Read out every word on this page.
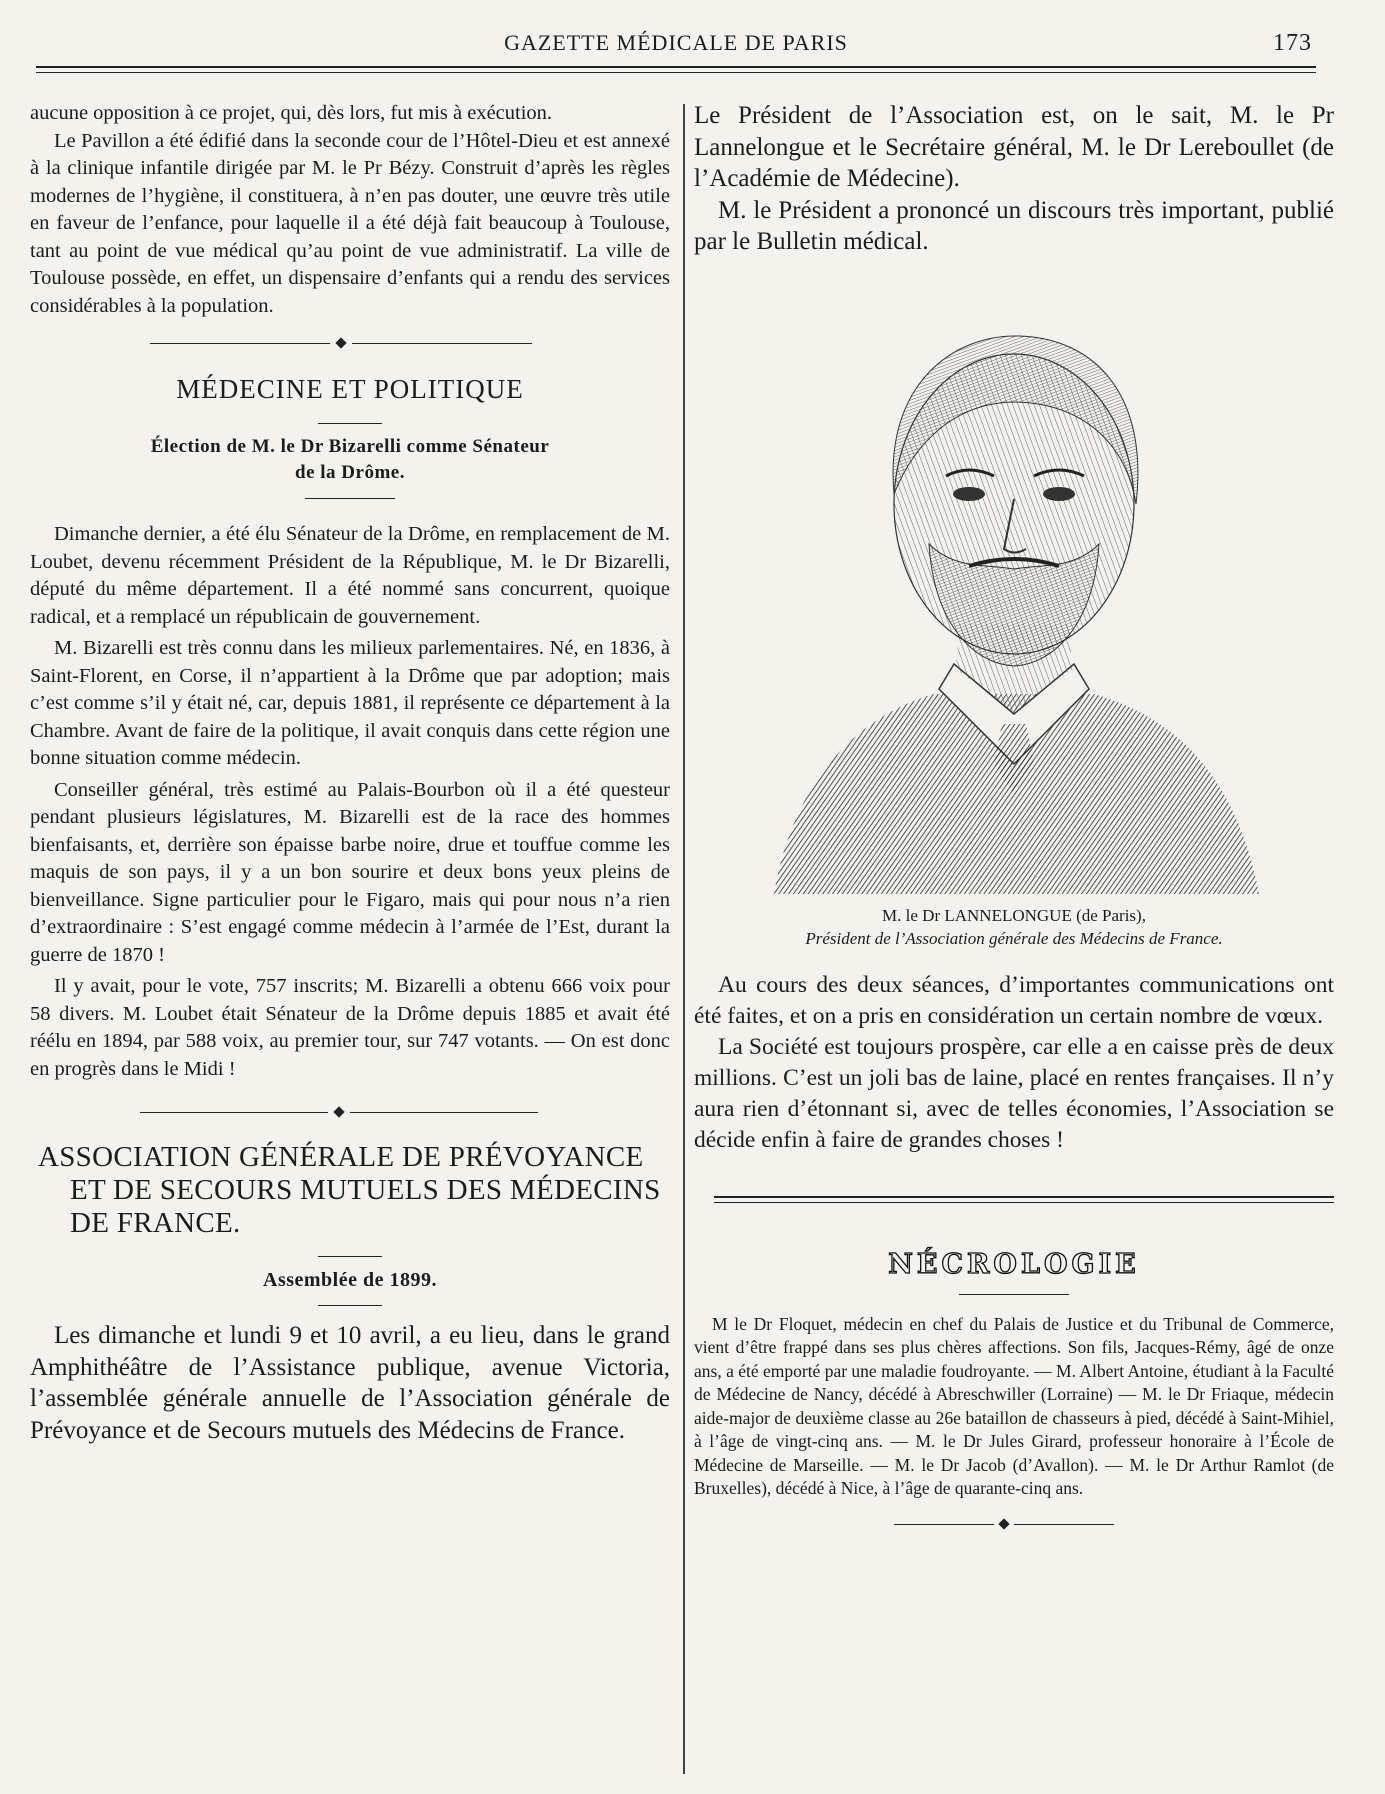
GAZETTE MÉDICALE DE PARIS	173

aucune opposition à ce projet, qui, dès lors, fut mis à exécution.

Le Pavillon a été édifié dans la seconde cour de l’Hôtel-Dieu et est annexé à la clinique infantile dirigée par M. le Pr Bézy. Construit d’après les règles modernes de l’hygiène, il constituera, à n’en pas douter, une œuvre très utile en faveur de l’enfance, pour laquelle il a été déjà fait beaucoup à Toulouse, tant au point de vue médical qu’au point de vue administratif. La ville de Toulouse possède, en effet, un dispensaire d’enfants qui a rendu des services considérables à la population.

MÉDECINE ET POLITIQUE
Élection de M. le Dr Bizarelli comme Sénateur
de la Drôme.

Dimanche dernier, a été élu Sénateur de la Drôme, en remplacement de M. Loubet, devenu récemment Président de la République, M. le Dr Bizarelli, député du même département. Il a été nommé sans concurrent, quoique radical, et a remplacé un républicain de gouvernement.

M. Bizarelli est très connu dans les milieux parlementaires. Né, en 1836, à Saint-Florent, en Corse, il n’appartient à la Drôme que par adoption; mais c’est comme s’il y était né, car, depuis 1881, il représente ce département à la Chambre. Avant de faire de la politique, il avait conquis dans cette région une bonne situation comme médecin.

Conseiller général, très estimé au Palais-Bourbon où il a été questeur pendant plusieurs législatures, M. Bizarelli est de la race des hommes bienfaisants, et, derrière son épaisse barbe noire, drue et touffue comme les maquis de son pays, il y a un bon sourire et deux bons yeux pleins de bienveillance. Signe particulier pour le Figaro, mais qui pour nous n’a rien d’extraordinaire : S’est engagé comme médecin à l’armée de l’Est, durant la guerre de 1870 !

Il y avait, pour le vote, 757 inscrits; M. Bizarelli a obtenu 666 voix pour 58 divers. M. Loubet était Sénateur de la Drôme depuis 1885 et avait été réélu en 1894, par 588 voix, au premier tour, sur 747 votants. — On est donc en progrès dans le Midi !

ASSOCIATION GÉNÉRALE DE PRÉVOYANCE ET DE SECOURS MUTUELS DES MÉDECINS DE FRANCE.
Assemblée de 1899.

Les dimanche et lundi 9 et 10 avril, a eu lieu, dans le grand Amphithéâtre de l’Assistance publique, avenue Victoria, l’assemblée générale annuelle de l’Association générale de Prévoyance et de Secours mutuels des Médecins de France.

Le Président de l’Association est, on le sait, M. le Pr Lannelongue et le Secrétaire général, M. le Dr Lereboullet (de l’Académie de Médecine).

M. le Président a prononcé un discours très important, publié par le Bulletin médical.

M. le Dr LANNELONGUE (de Paris),
Président de l’Association générale des Médecins de France.

Au cours des deux séances, d’importantes communications ont été faites, et on a pris en considération un certain nombre de vœux.

La Société est toujours prospère, car elle a en caisse près de deux millions. C’est un joli bas de laine, placé en rentes françaises. Il n’y aura rien d’étonnant si, avec de telles économies, l’Association se décide enfin à faire de grandes choses !

NÉCROLOGIE

M le Dr Floquet, médecin en chef du Palais de Justice et du Tribunal de Commerce, vient d’être frappé dans ses plus chères affections. Son fils, Jacques-Rémy, âgé de onze ans, a été emporté par une maladie foudroyante. — M. Albert Antoine, étudiant à la Faculté de Médecine de Nancy, décédé à Abreschwiller (Lorraine) — M. le Dr Friaque, médecin aide-major de deuxième classe au 26e bataillon de chasseurs à pied, décédé à Saint-Mihiel, à l’âge de vingt-cinq ans. — M. le Dr Jules Girard, professeur honoraire à l’École de Médecine de Marseille. — M. le Dr Jacob (d’Avallon). — M. le Dr Arthur Ramlot (de Bruxelles), décédé à Nice, à l’âge de quarante-cinq ans.
